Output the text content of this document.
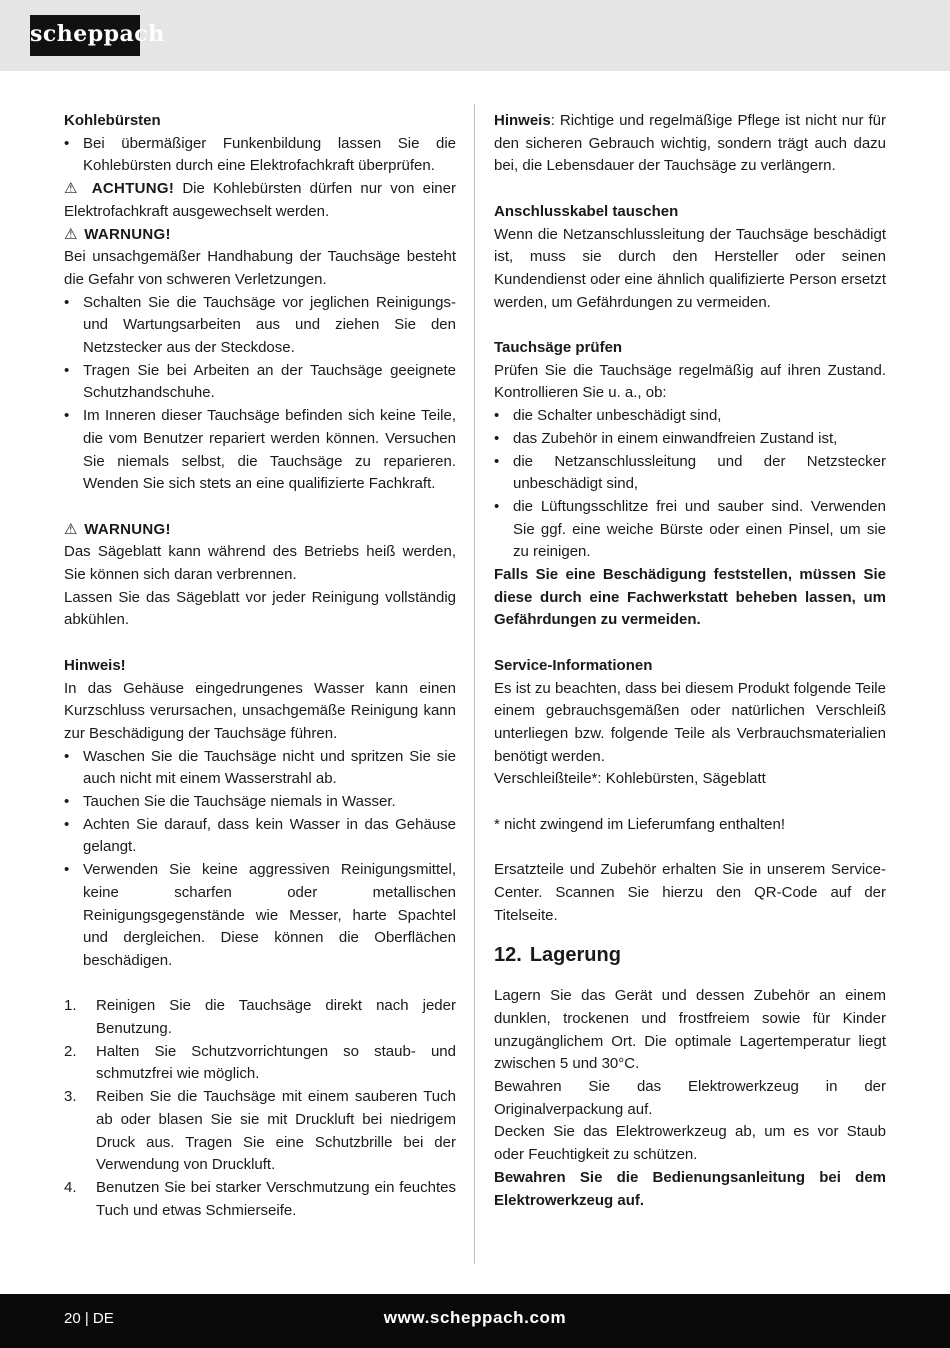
scheppach

Kohlebürsten

• Bei übermäßiger Funkenbildung lassen Sie die Kohlebürsten durch eine Elektrofachkraft überprüfen.

⚠ ACHTUNG! Die Kohlebürsten dürfen nur von einer Elektrofachkraft ausgewechselt werden.

⚠ WARNUNG!

Bei unsachgemäßer Handhabung der Tauchsäge besteht die Gefahr von schweren Verletzungen.

• Schalten Sie die Tauchsäge vor jeglichen Reinigungs- und Wartungsarbeiten aus und ziehen Sie den Netzstecker aus der Steckdose.
• Tragen Sie bei Arbeiten an der Tauchsäge geeignete Schutzhandschuhe.
• Im Inneren dieser Tauchsäge befinden sich keine Teile, die vom Benutzer repariert werden können. Versuchen Sie niemals selbst, die Tauchsäge zu reparieren. Wenden Sie sich stets an eine qualifizierte Fachkraft.

⚠ WARNUNG!

Das Sägeblatt kann während des Betriebs heiß werden, Sie können sich daran verbrennen.

Lassen Sie das Sägeblatt vor jeder Reinigung vollständig abkühlen.

Hinweis!

In das Gehäuse eingedrungenes Wasser kann einen Kurzschluss verursachen, unsachgemäße Reinigung kann zur Beschädigung der Tauchsäge führen.

• Waschen Sie die Tauchsäge nicht und spritzen Sie sie auch nicht mit einem Wasserstrahl ab.
• Tauchen Sie die Tauchsäge niemals in Wasser.
• Achten Sie darauf, dass kein Wasser in das Gehäuse gelangt.
• Verwenden Sie keine aggressiven Reinigungsmittel, keine scharfen oder metallischen Reinigungsgegenstände wie Messer, harte Spachtel und dergleichen. Diese können die Oberflächen beschädigen.
1. Reinigen Sie die Tauchsäge direkt nach jeder Benutzung.
2. Halten Sie Schutzvorrichtungen so staub- und schmutzfrei wie möglich.
3. Reiben Sie die Tauchsäge mit einem sauberen Tuch ab oder blasen Sie sie mit Druckluft bei niedrigem Druck aus. Tragen Sie eine Schutzbrille bei der Verwendung von Druckluft.
4. Benutzen Sie bei starker Verschmutzung ein feuchtes Tuch und etwas Schmierseife.

Hinweis: Richtige und regelmäßige Pflege ist nicht nur für den sicheren Gebrauch wichtig, sondern trägt auch dazu bei, die Lebensdauer der Tauchsäge zu verlängern.

Anschlusskabel tauschen

Wenn die Netzanschlussleitung der Tauchsäge beschädigt ist, muss sie durch den Hersteller oder seinen Kundendienst oder eine ähnlich qualifizierte Person ersetzt werden, um Gefährdungen zu vermeiden.

Tauchsäge prüfen

Prüfen Sie die Tauchsäge regelmäßig auf ihren Zustand. Kontrollieren Sie u. a., ob:

• die Schalter unbeschädigt sind,
• das Zubehör in einem einwandfreien Zustand ist,
• die Netzanschlussleitung und der Netzstecker unbeschädigt sind,
• die Lüftungsschlitze frei und sauber sind. Verwenden Sie ggf. eine weiche Bürste oder einen Pinsel, um sie zu reinigen.

Falls Sie eine Beschädigung feststellen, müssen Sie diese durch eine Fachwerkstatt beheben lassen, um Gefährdungen zu vermeiden.

Service-Informationen

Es ist zu beachten, dass bei diesem Produkt folgende Teile einem gebrauchsgemäßen oder natürlichen Verschleiß unterliegen bzw. folgende Teile als Verbrauchsmaterialien benötigt werden.

Verschleißteile*: Kohlebürsten, Sägeblatt

* nicht zwingend im Lieferumfang enthalten!

Ersatzteile und Zubehör erhalten Sie in unserem Service-Center. Scannen Sie hierzu den QR-Code auf der Titelseite.

12. Lagerung

Lagern Sie das Gerät und dessen Zubehör an einem dunklen, trockenen und frostfreiem sowie für Kinder unzugänglichem Ort. Die optimale Lagertemperatur liegt zwischen 5 und 30°C.

Bewahren Sie das Elektrowerkzeug in der Originalverpackung auf.

Decken Sie das Elektrowerkzeug ab, um es vor Staub oder Feuchtigkeit zu schützen.

Bewahren Sie die Bedienungsanleitung bei dem Elektrowerkzeug auf.

20 | DE	www.scheppach.com
